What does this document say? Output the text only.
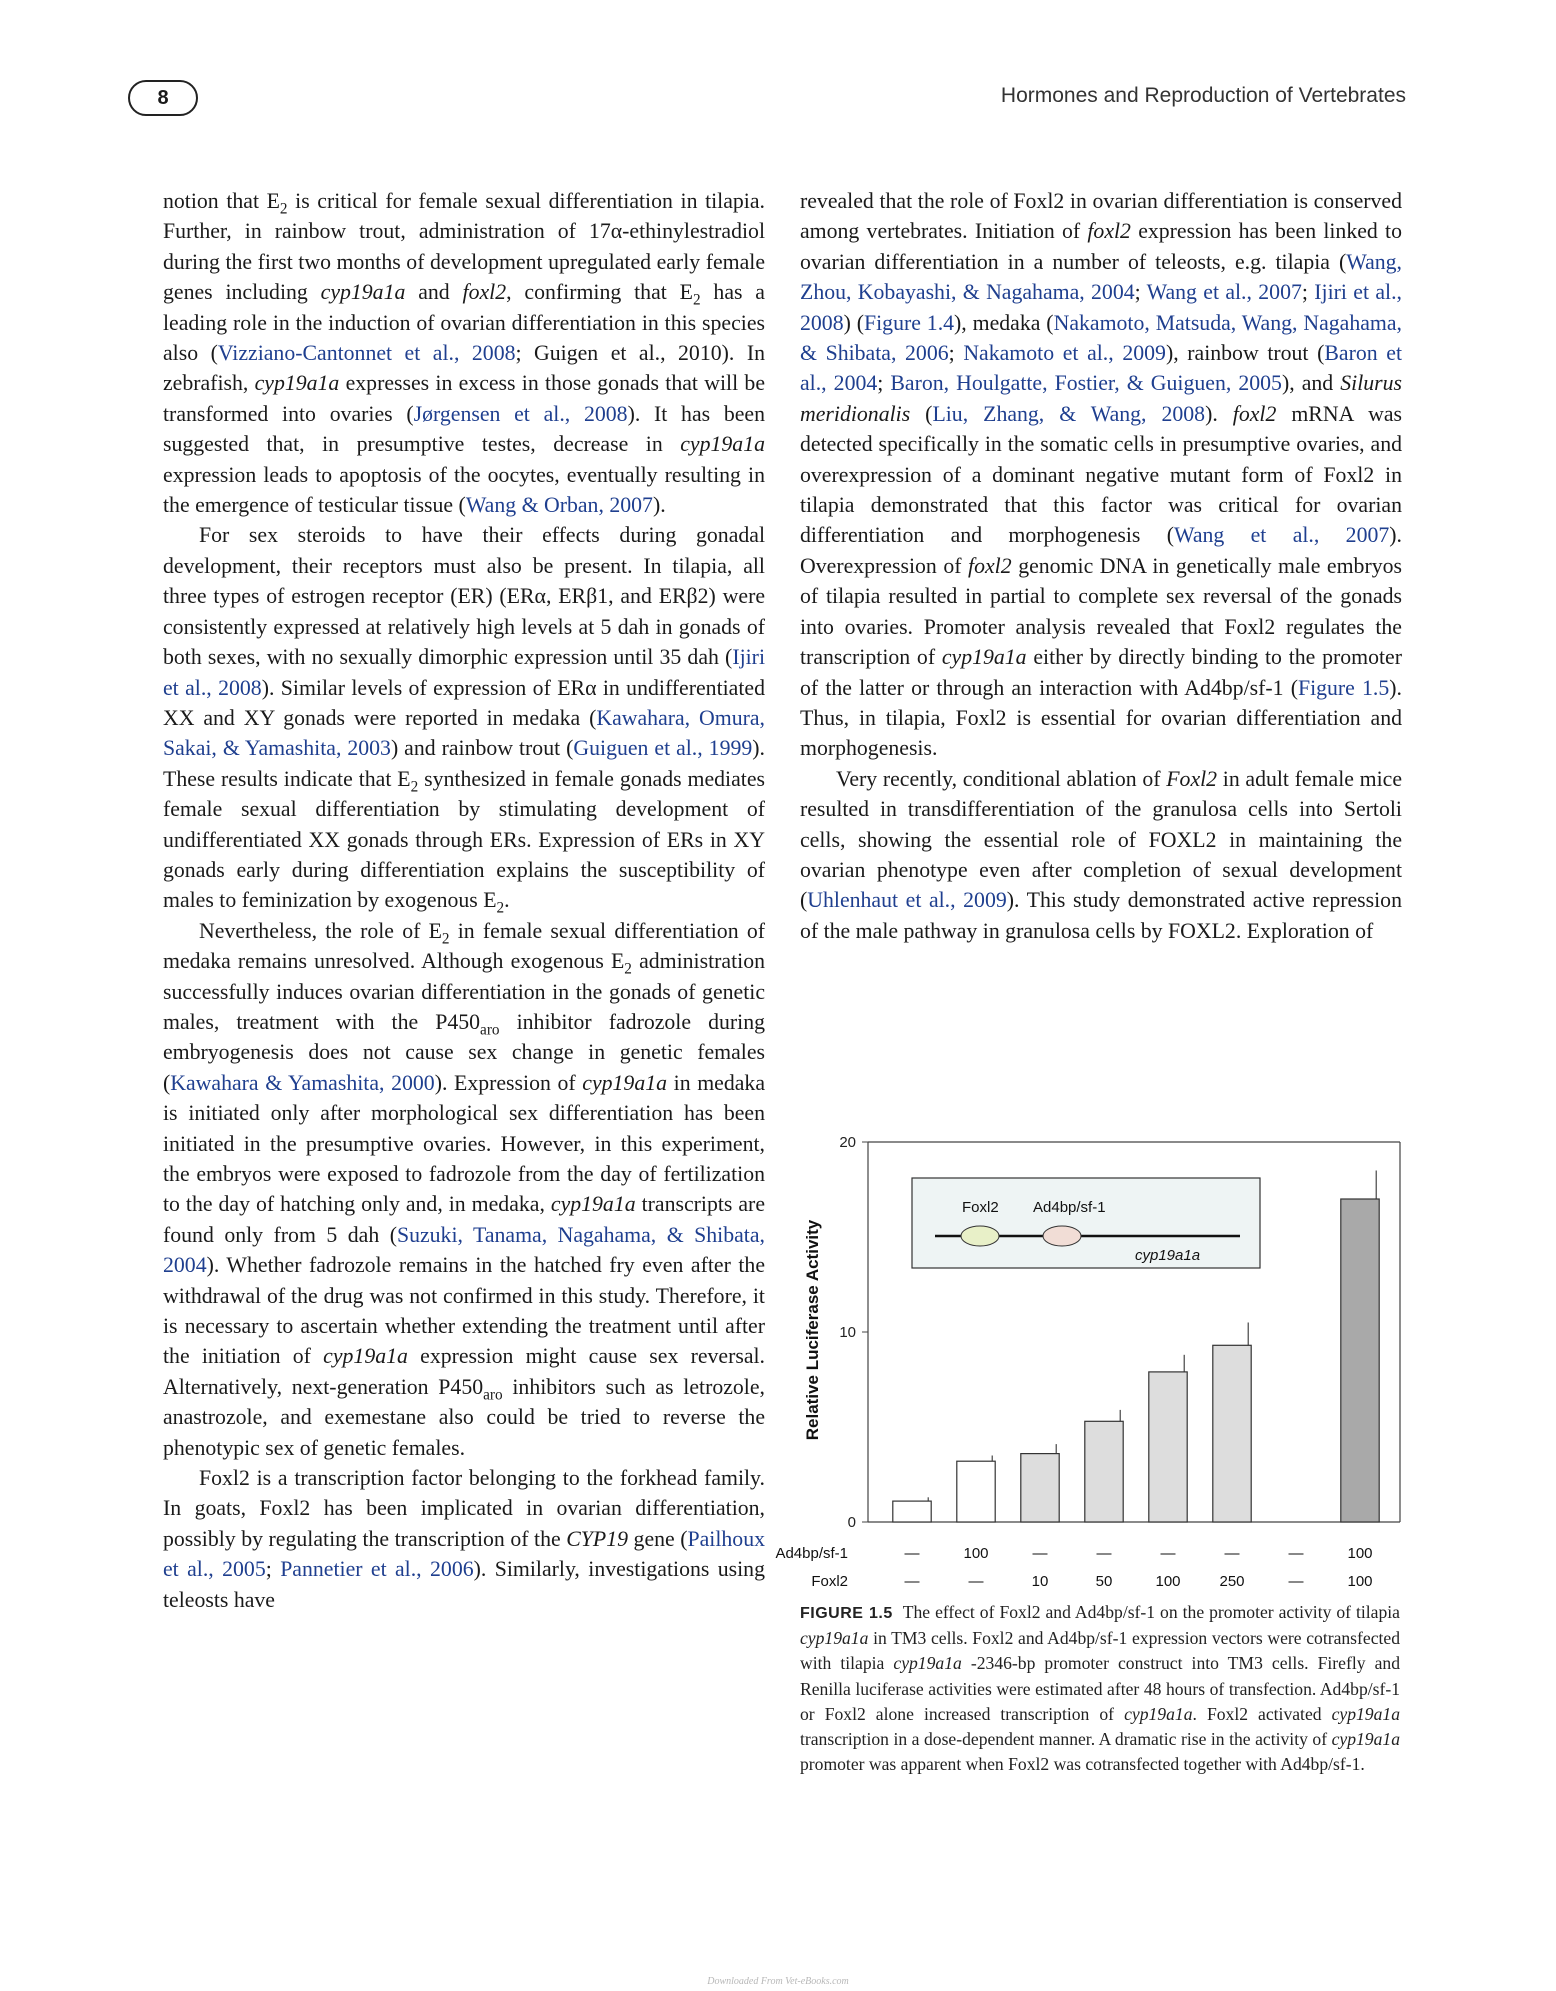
8	Hormones and Reproduction of Vertebrates

notion that $E_2$ is critical for female sexual differentiation in tilapia. Further, in rainbow trout, administration of 17α-ethinylestradiol during the first two months of development upregulated early female genes including cyp19a1a and foxl2, confirming that $E_2$ has a leading role in the induction of ovarian differentiation in this species also (Vizziano-Cantonnet et al., 2008; Guigen et al., 2010). In zebrafish, cyp19a1a expresses in excess in those gonads that will be transformed into ovaries (Jørgensen et al., 2008). It has been suggested that, in presumptive testes, decrease in cyp19a1a expression leads to apoptosis of the oocytes, eventually resulting in the emergence of testicular tissue (Wang & Orban, 2007).

For sex steroids to have their effects during gonadal development, their receptors must also be present. In tilapia, all three types of estrogen receptor (ER) (ERα, ERβ1, and ERβ2) were consistently expressed at relatively high levels at 5 dah in gonads of both sexes, with no sexually dimorphic expression until 35 dah (Ijiri et al., 2008). Similar levels of expression of ERα in undifferentiated XX and XY gonads were reported in medaka (Kawahara, Omura, Sakai, & Yamashita, 2003) and rainbow trout (Guiguen et al., 1999). These results indicate that $E_2$ synthesized in female gonads mediates female sexual differentiation by stimulating development of undifferentiated XX gonads through ERs. Expression of ERs in XY gonads early during differentiation explains the susceptibility of males to feminization by exogenous $E_2$.

Nevertheless, the role of $E_2$ in female sexual differentiation of medaka remains unresolved. Although exogenous $E_2$ administration successfully induces ovarian differentiation in the gonads of genetic males, treatment with the $P450_{aro}$ inhibitor fadrozole during embryogenesis does not cause sex change in genetic females (Kawahara & Yamashita, 2000). Expression of cyp19a1a in medaka is initiated only after morphological sex differentiation has been initiated in the presumptive ovaries. However, in this experiment, the embryos were exposed to fadrozole from the day of fertilization to the day of hatching only and, in medaka, cyp19a1a transcripts are found only from 5 dah (Suzuki, Tanama, Nagahama, & Shibata, 2004). Whether fadrozole remains in the hatched fry even after the withdrawal of the drug was not confirmed in this study. Therefore, it is necessary to ascertain whether extending the treatment until after the initiation of cyp19a1a expression might cause sex reversal. Alternatively, next-generation $P450_{aro}$ inhibitors such as letrozole, anastrozole, and exemestane also could be tried to reverse the phenotypic sex of genetic females.

Foxl2 is a transcription factor belonging to the forkhead family. In goats, Foxl2 has been implicated in ovarian differentiation, possibly by regulating the transcription of the CYP19 gene (Pailhoux et al., 2005; Pannetier et al., 2006). Similarly, investigations using teleosts have

revealed that the role of Foxl2 in ovarian differentiation is conserved among vertebrates. Initiation of foxl2 expression has been linked to ovarian differentiation in a number of teleosts, e.g. tilapia (Wang, Zhou, Kobayashi, & Nagahama, 2004; Wang et al., 2007; Ijiri et al., 2008) (Figure 1.4), medaka (Nakamoto, Matsuda, Wang, Nagahama, & Shibata, 2006; Nakamoto et al., 2009), rainbow trout (Baron et al., 2004; Baron, Houlgatte, Fostier, & Guiguen, 2005), and Silurus meridionalis (Liu, Zhang, & Wang, 2008). foxl2 mRNA was detected specifically in the somatic cells in presumptive ovaries, and overexpression of a dominant negative mutant form of Foxl2 in tilapia demonstrated that this factor was critical for ovarian differentiation and morphogenesis (Wang et al., 2007). Overexpression of foxl2 genomic DNA in genetically male embryos of tilapia resulted in partial to complete sex reversal of the gonads into ovaries. Promoter analysis revealed that Foxl2 regulates the transcription of cyp19a1a either by directly binding to the promoter of the latter or through an interaction with Ad4bp/sf-1 (Figure 1.5). Thus, in tilapia, Foxl2 is essential for ovarian differentiation and morphogenesis.

Very recently, conditional ablation of Foxl2 in adult female mice resulted in transdifferentiation of the granulosa cells into Sertoli cells, showing the essential role of FOXL2 in maintaining the ovarian phenotype even after completion of sexual development (Uhlenhaut et al., 2009). This study demonstrated active repression of the male pathway in granulosa cells by FOXL2. Exploration of

0
10
20
Foxl2 Ad4bp/sf-1
cyp19a1a
Ad4bp/sf-1	—	100	—	—	—	—	—	100
Foxl2	—	—	10	50	100	250	—	100
Relative Luciferase Activity
FIGURE 1.5 The effect of Foxl2 and Ad4bp/sf-1 on the promoter activity of tilapia cyp19a1a in TM3 cells. Foxl2 and Ad4bp/sf-1 expression vectors were cotransfected with tilapia cyp19a1a -2346-bp promoter construct into TM3 cells. Firefly and Renilla luciferase activities were estimated after 48 hours of transfection. Ad4bp/sf-1 or Foxl2 alone increased transcription of cyp19a1a. Foxl2 activated cyp19a1a transcription in a dose-dependent manner. A dramatic rise in the activity of cyp19a1a promoter was apparent when Foxl2 was cotransfected together with Ad4bp/sf-1.
Downloaded From Vet-eBooks.com
